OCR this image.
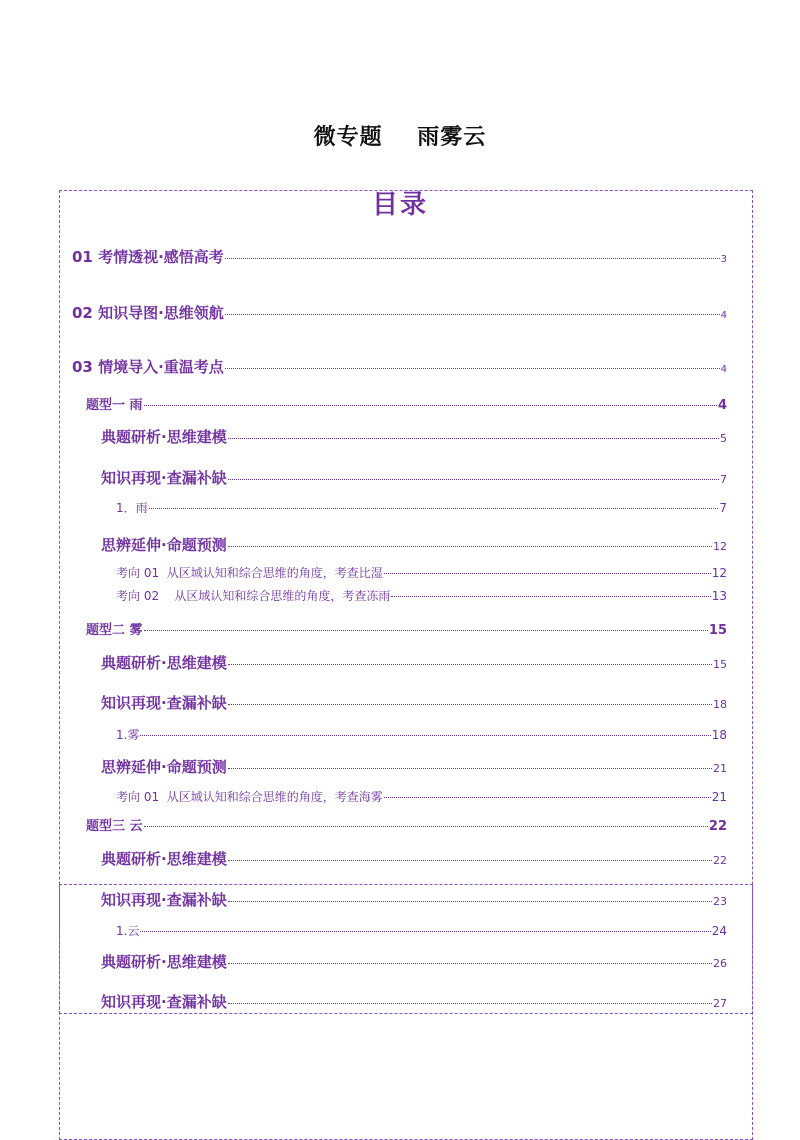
微专题    雨雾云
目录
01 考情透视·感悟高考	3
02 知识导图·思维领航	4
03 情境导入·重温考点	4
题型一 雨	4
典题研析·思维建模	5
知识再现·查漏补缺	7
1．雨	7
思辨延伸·命题预测	12
考向 01  从区域认知和综合思维的角度，考查比湿	12
考向 02    从区域认知和综合思维的角度，考查冻雨	13
题型二 雾	15
典题研析·思维建模	15
知识再现·查漏补缺	18
1.雾	18
思辨延伸·命题预测	21
考向 01  从区域认知和综合思维的角度，考查海雾	21
题型三 云	22
典题研析·思维建模	22
知识再现·查漏补缺	23
1.云	24
典题研析·思维建模	26
知识再现·查漏补缺	27
